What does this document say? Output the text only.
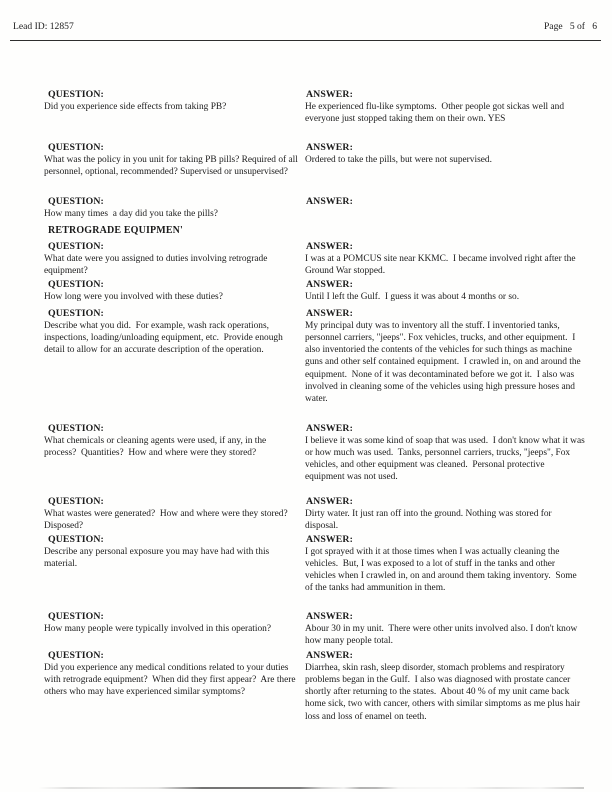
Lead ID: 12857	Page   5 of   6
QUESTION:
Did you experience side effects from taking PB?
ANSWER:
He experienced flu-like symptoms.  Other people got sickas well and everyone just stopped taking them on their own. YES
QUESTION:
What was the policy in you unit for taking PB pills? Required of all personnel, optional, recommended? Supervised or unsupervised?
ANSWER:
Ordered to take the pills, but were not supervised.
QUESTION:
How many times  a day did you take the pills?
ANSWER:
RETROGRADE EQUIPMEN'
QUESTION:
What date were you assigned to duties involving retrograde equipment?
ANSWER:
I was at a POMCUS site near KKMC.  I became involved right after the Ground War stopped.
QUESTION:
How long were you involved with these duties?
ANSWER:
Until I left the Gulf.  I guess it was about 4 months or so.
QUESTION:
Describe what you did.  For example, wash rack operations, inspections, loading/unloading equipment, etc.  Provide enough detail to allow for an accurate description of the operation.
ANSWER:
My principal duty was to inventory all the stuff. I inventoried tanks, personnel carriers, "jeeps". Fox vehicles, trucks, and other equipment.  I also inventoried the contents of the vehicles for such things as machine guns and other self contained equipment.  I crawled in, on and around the equipment.  None of it was decontaminated before we got it.  I also was involved in cleaning some of the vehicles using high pressure hoses and water.
QUESTION:
What chemicals or cleaning agents were used, if any, in the process?  Quantities?  How and where were they stored?
ANSWER:
I believe it was some kind of soap that was used.  I don't know what it was or how much was used.  Tanks, personnel carriers, trucks, "jeeps", Fox vehicles, and other equipment was cleaned.  Personal protective equipment was not used.
QUESTION:
What wastes were generated?  How and where were they stored?  Disposed?
ANSWER:
Dirty water. It just ran off into the ground. Nothing was stored for disposal.
QUESTION:
Describe any personal exposure you may have had with this material.
ANSWER:
I got sprayed with it at those times when I was actually cleaning the vehicles.  But, I was exposed to a lot of stuff in the tanks and other vehicles when I crawled in, on and around them taking inventory.  Some of the tanks had ammunition in them.
QUESTION:
How many people were typically involved in this operation?
ANSWER:
Abour 30 in my unit.  There were other units involved also. I don't know how many people total.
QUESTION:
Did you experience any medical conditions related to your duties with retrograde equipment?  When did they first appear?  Are there others who may have experienced similar symptoms?
ANSWER:
Diarrhea, skin rash, sleep disorder, stomach problems and respiratory problems began in the Gulf.  I also was diagnosed with prostate cancer shortly after returning to the states.  About 40 % of my unit came back home sick, two with cancer, others with similar simptoms as me plus hair loss and loss of enamel on teeth.
